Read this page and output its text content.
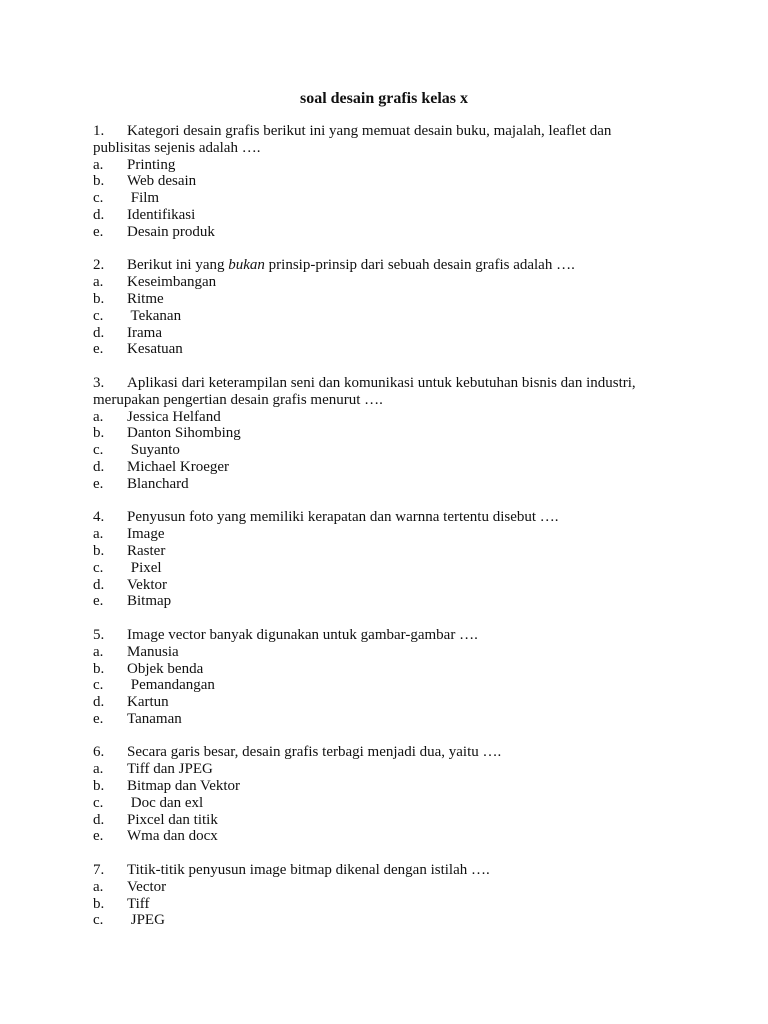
soal desain grafis kelas x
1. Kategori desain grafis berikut ini yang memuat desain buku, majalah, leaflet dan
publisitas sejenis adalah ….
a. Printing
b. Web desain
c. Film
d. Identifikasi
e. Desain produk
2. Berikut ini yang bukan prinsip-prinsip dari sebuah desain grafis adalah ….
a. Keseimbangan
b. Ritme
c. Tekanan
d. Irama
e. Kesatuan
3. Aplikasi dari keterampilan seni dan komunikasi untuk kebutuhan bisnis dan industri,
merupakan pengertian desain grafis menurut ….
a. Jessica Helfand
b. Danton Sihombing
c. Suyanto
d. Michael Kroeger
e. Blanchard
4. Penyusun foto yang memiliki kerapatan dan warnna tertentu disebut ….
a. Image
b. Raster
c. Pixel
d. Vektor
e. Bitmap
5. Image vector banyak digunakan untuk gambar-gambar ….
a. Manusia
b. Objek benda
c. Pemandangan
d. Kartun
e. Tanaman
6. Secara garis besar, desain grafis terbagi menjadi dua, yaitu ….
a. Tiff dan JPEG
b. Bitmap dan Vektor
c. Doc dan exl
d. Pixcel dan titik
e. Wma dan docx
7. Titik-titik penyusun image bitmap dikenal dengan istilah ….
a. Vector
b. Tiff
c. JPEG
